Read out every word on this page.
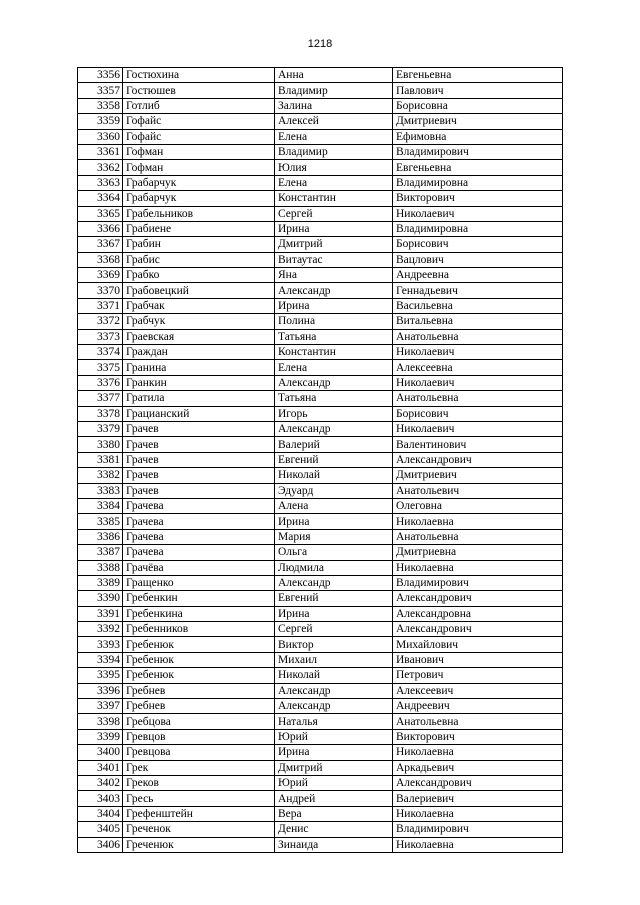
1218
3356	Гостюхина	Анна	Евгеньевна
3357	Гостюшев	Владимир	Павлович
3358	Готлиб	Залина	Борисовна
3359	Гофайс	Алексей	Дмитриевич
3360	Гофайс	Елена	Ефимовна
3361	Гофман	Владимир	Владимирович
3362	Гофман	Юлия	Евгеньевна
3363	Грабарчук	Елена	Владимировна
3364	Грабарчук	Константин	Викторович
3365	Грабельников	Сергей	Николаевич
3366	Грабиене	Ирина	Владимировна
3367	Грабин	Дмитрий	Борисович
3368	Грабис	Витаутас	Вацлович
3369	Грабко	Яна	Андреевна
3370	Грабовецкий	Александр	Геннадьевич
3371	Грабчак	Ирина	Васильевна
3372	Грабчук	Полина	Витальевна
3373	Граевская	Татьяна	Анатольевна
3374	Граждан	Константин	Николаевич
3375	Гранина	Елена	Алексеевна
3376	Гранкин	Александр	Николаевич
3377	Гратила	Татьяна	Анатольевна
3378	Грацианский	Игорь	Борисович
3379	Грачев	Александр	Николаевич
3380	Грачев	Валерий	Валентинович
3381	Грачев	Евгений	Александрович
3382	Грачев	Николай	Дмитриевич
3383	Грачев	Эдуард	Анатольевич
3384	Грачева	Алена	Олеговна
3385	Грачева	Ирина	Николаевна
3386	Грачева	Мария	Анатольевна
3387	Грачева	Ольга	Дмитриевна
3388	Грачёва	Людмила	Николаевна
3389	Гращенко	Александр	Владимирович
3390	Гребенкин	Евгений	Александрович
3391	Гребенкина	Ирина	Александровна
3392	Гребенников	Сергей	Александрович
3393	Гребенюк	Виктор	Михайлович
3394	Гребенюк	Михаил	Иванович
3395	Гребенюк	Николай	Петрович
3396	Гребнев	Александр	Алексеевич
3397	Гребнев	Александр	Андреевич
3398	Гребцова	Наталья	Анатольевна
3399	Гревцов	Юрий	Викторович
3400	Гревцова	Ирина	Николаевна
3401	Грек	Дмитрий	Аркадьевич
3402	Греков	Юрий	Александрович
3403	Гресь	Андрей	Валериевич
3404	Грефенштейн	Вера	Николаевна
3405	Греченок	Денис	Владимирович
3406	Греченюк	Зинаида	Николаевна
